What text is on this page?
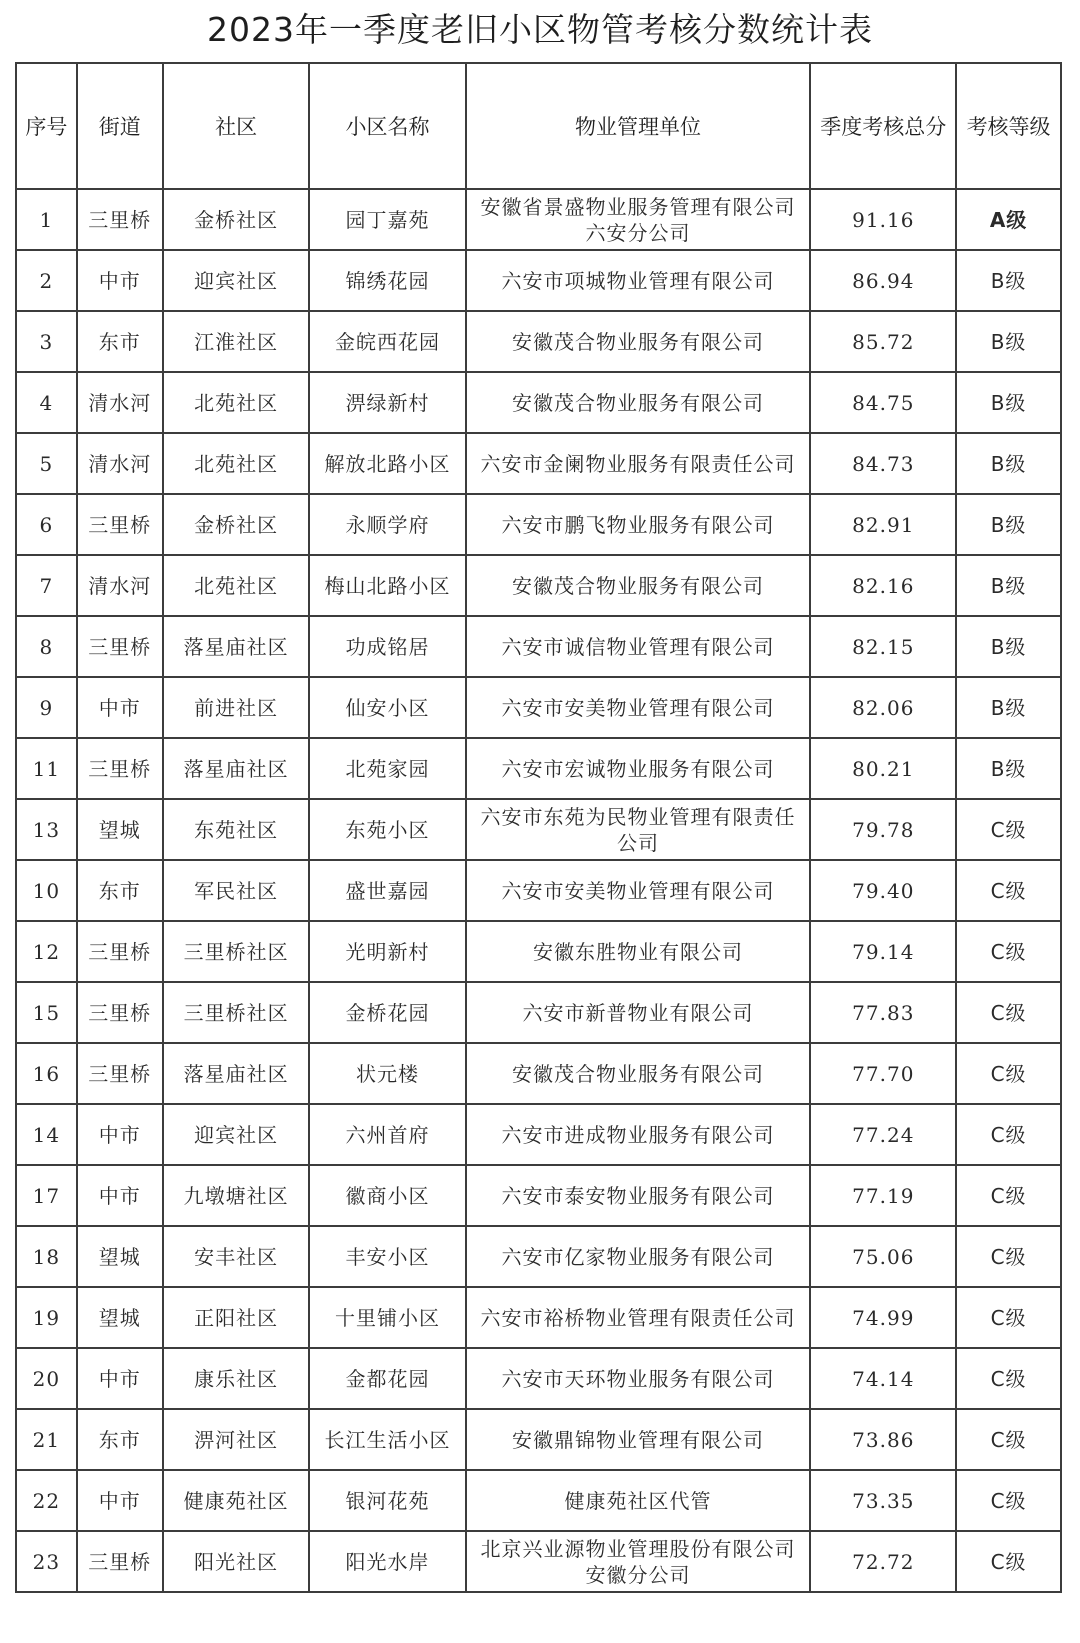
2023年一季度老旧小区物管考核分数统计表
序号	街道	社区	小区名称	物业管理单位	季度考核总分	考核等级
1	三里桥	金桥社区	园丁嘉苑	安徽省景盛物业服务管理有限公司六安分公司	91.16	A级
2	中市	迎宾社区	锦绣花园	六安市项城物业管理有限公司	86.94	B级
3	东市	江淮社区	金皖西花园	安徽茂合物业服务有限公司	85.72	B级
4	清水河	北苑社区	淠绿新村	安徽茂合物业服务有限公司	84.75	B级
5	清水河	北苑社区	解放北路小区	六安市金阑物业服务有限责任公司	84.73	B级
6	三里桥	金桥社区	永顺学府	六安市鹏飞物业服务有限公司	82.91	B级
7	清水河	北苑社区	梅山北路小区	安徽茂合物业服务有限公司	82.16	B级
8	三里桥	落星庙社区	功成铭居	六安市诚信物业管理有限公司	82.15	B级
9	中市	前进社区	仙安小区	六安市安美物业管理有限公司	82.06	B级
11	三里桥	落星庙社区	北苑家园	六安市宏诚物业服务有限公司	80.21	B级
13	望城	东苑社区	东苑小区	六安市东苑为民物业管理有限责任公司	79.78	C级
10	东市	军民社区	盛世嘉园	六安市安美物业管理有限公司	79.40	C级
12	三里桥	三里桥社区	光明新村	安徽东胜物业有限公司	79.14	C级
15	三里桥	三里桥社区	金桥花园	六安市新普物业有限公司	77.83	C级
16	三里桥	落星庙社区	状元楼	安徽茂合物业服务有限公司	77.70	C级
14	中市	迎宾社区	六州首府	六安市进成物业服务有限公司	77.24	C级
17	中市	九墩塘社区	徽商小区	六安市泰安物业服务有限公司	77.19	C级
18	望城	安丰社区	丰安小区	六安市亿家物业服务有限公司	75.06	C级
19	望城	正阳社区	十里铺小区	六安市裕桥物业管理有限责任公司	74.99	C级
20	中市	康乐社区	金都花园	六安市天环物业服务有限公司	74.14	C级
21	东市	淠河社区	长江生活小区	安徽鼎锦物业管理有限公司	73.86	C级
22	中市	健康苑社区	银河花苑	健康苑社区代管	73.35	C级
23	三里桥	阳光社区	阳光水岸	北京兴业源物业管理股份有限公司安徽分公司	72.72	C级
